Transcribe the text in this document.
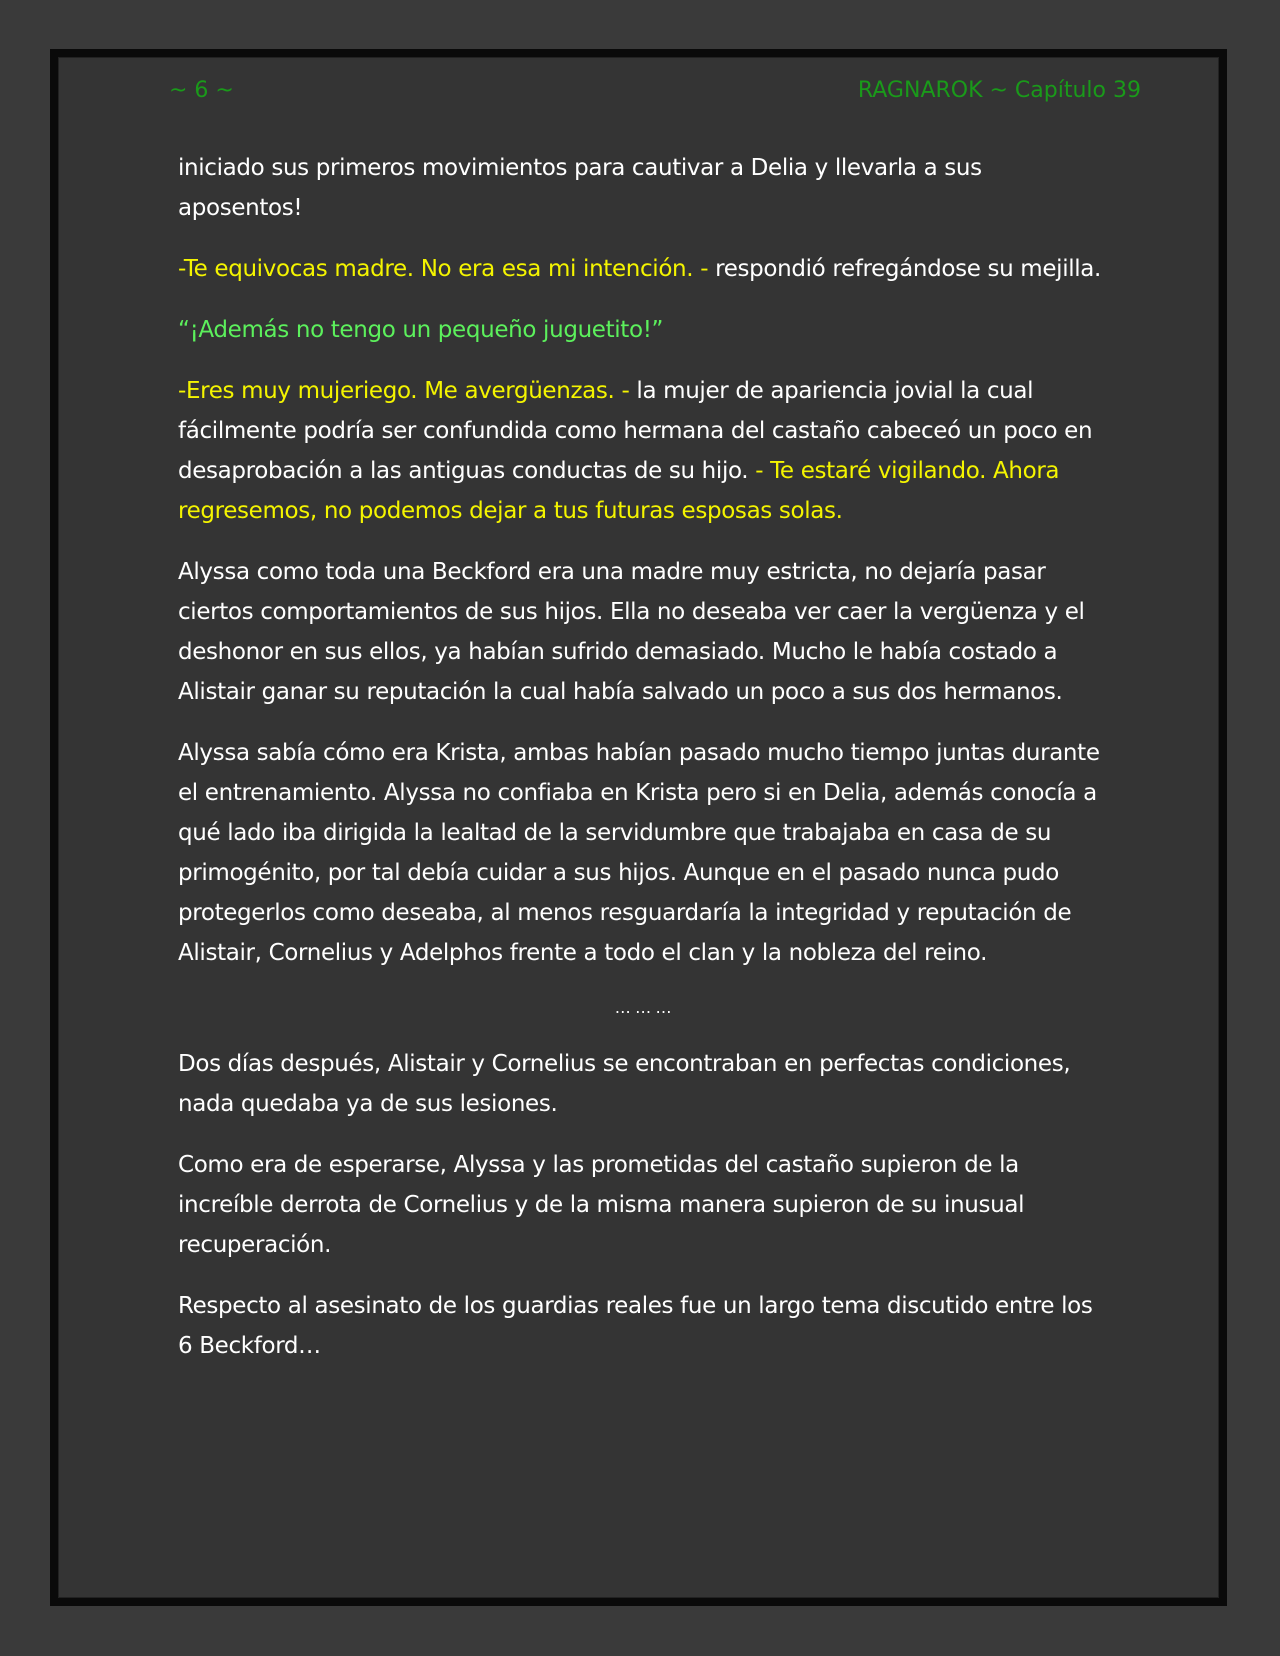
~ 6 ~	RAGNAROK ~ Capítulo 39

iniciado sus primeros movimientos para cautivar a Delia y llevarla a sus aposentos!

-Te equivocas madre. No era esa mi intención. - respondió refregándose su mejilla.

“¡Además no tengo un pequeño juguetito!”

-Eres muy mujeriego. Me avergüenzas. - la mujer de apariencia jovial la cual fácilmente podría ser confundida como hermana del castaño cabeceó un poco en desaprobación a las antiguas conductas de su hijo. - Te estaré vigilando. Ahora regresemos, no podemos dejar a tus futuras esposas solas.

Alyssa como toda una Beckford era una madre muy estricta, no dejaría pasar ciertos comportamientos de sus hijos. Ella no deseaba ver caer la vergüenza y el deshonor en sus ellos, ya habían sufrido demasiado. Mucho le había costado a Alistair ganar su reputación la cual había salvado un poco a sus dos hermanos.

Alyssa sabía cómo era Krista, ambas habían pasado mucho tiempo juntas durante el entrenamiento. Alyssa no confiaba en Krista pero si en Delia, además conocía a qué lado iba dirigida la lealtad de la servidumbre que trabajaba en casa de su primogénito, por tal debía cuidar a sus hijos. Aunque en el pasado nunca pudo protegerlos como deseaba, al menos resguardaría la integridad y reputación de Alistair, Cornelius y Adelphos frente a todo el clan y la nobleza del reino.

… … …

Dos días después, Alistair y Cornelius se encontraban en perfectas condiciones, nada quedaba ya de sus lesiones.

Como era de esperarse, Alyssa y las prometidas del castaño supieron de la increíble derrota de Cornelius y de la misma manera supieron de su inusual recuperación.

Respecto al asesinato de los guardias reales fue un largo tema discutido entre los 6 Beckford…
